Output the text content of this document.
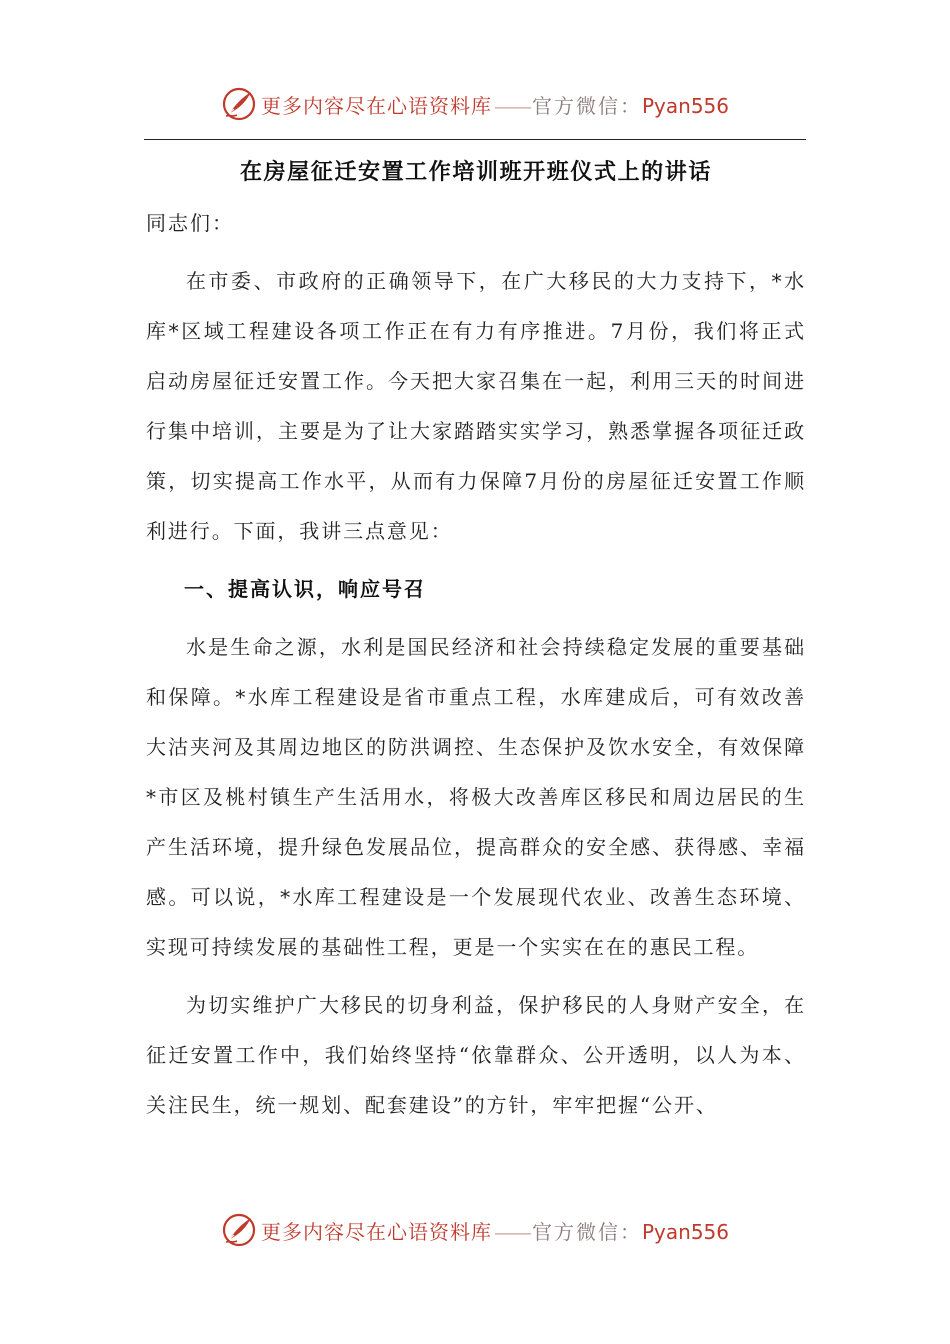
更多内容尽在心语资料库 —— 官方微信：Pyan556
在房屋征迁安置工作培训班开班仪式上的讲话

同志们：

在市委、市政府的正确领导下，在广大移民的大力支持下，*水库*区域工程建设各项工作正在有力有序推进。7月份，我们将正式启动房屋征迁安置工作。今天把大家召集在一起，利用三天的时间进行集中培训，主要是为了让大家踏踏实实学习，熟悉掌握各项征迁政策，切实提高工作水平，从而有力保障7月份的房屋征迁安置工作顺利进行。下面，我讲三点意见：

一、提高认识，响应号召

水是生命之源，水利是国民经济和社会持续稳定发展的重要基础和保障。*水库工程建设是省市重点工程，水库建成后，可有效改善大沽夹河及其周边地区的防洪调控、生态保护及饮水安全，有效保障*市区及桃村镇生产生活用水，将极大改善库区移民和周边居民的生产生活环境，提升绿色发展品位，提高群众的安全感、获得感、幸福感。可以说，*水库工程建设是一个发展现代农业、改善生态环境、实现可持续发展的基础性工程，更是一个实实在在的惠民工程。

为切实维护广大移民的切身利益，保护移民的人身财产安全，在征迁安置工作中，我们始终坚持“依靠群众、公开透明，以人为本、关注民生，统一规划、配套建设”的方针，牢牢把握“公开、

更多内容尽在心语资料库 —— 官方微信：Pyan556
